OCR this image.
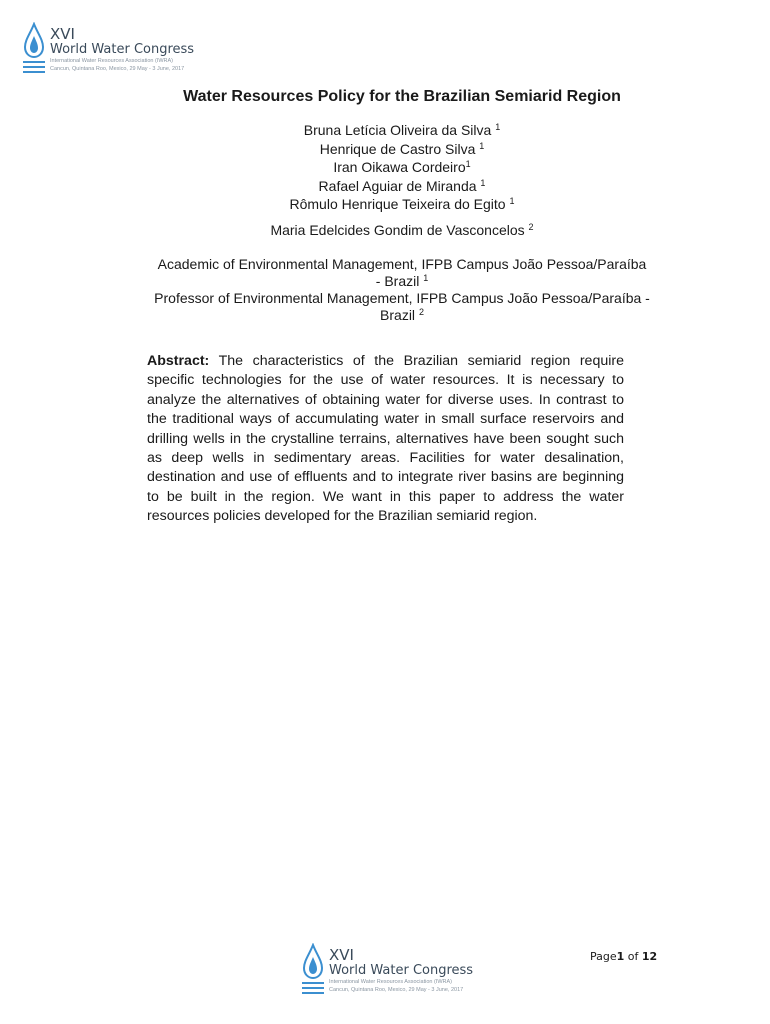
XVI
World Water Congress
International Water Resources Association (IWRA)
Cancun, Quintana Roo, Mexico, 29 May - 3 June, 2017
Water Resources Policy for the Brazilian Semiarid Region
Bruna Letícia Oliveira da Silva $^1$
Henrique de Castro Silva $^1$
Iran Oikawa Cordeiro$^1$
Rafael Aguiar de Miranda $^1$
Rômulo Henrique Teixeira do Egito $^1$
Maria Edelcides Gondim de Vasconcelos $^2$
Academic of Environmental Management, IFPB Campus João Pessoa/Paraíba
- Brazil $^1$
Professor of Environmental Management, IFPB Campus João Pessoa/Paraíba -
Brazil $^2$
Abstract: The characteristics of the Brazilian semiarid region require specific technologies for the use of water resources. It is necessary to analyze the alternatives of obtaining water for diverse uses. In contrast to the traditional ways of accumulating water in small surface reservoirs and drilling wells in the crystalline terrains, alternatives have been sought such as deep wells in sedimentary areas. Facilities for water desalination, destination and use of effluents and to integrate river basins are beginning to be built in the region. We want in this paper to address the water resources policies developed for the Brazilian semiarid region.
Page1 of 12
XVI
World Water Congress
International Water Resources Association (IWRA)
Cancun, Quintana Roo, Mexico, 29 May - 3 June, 2017
